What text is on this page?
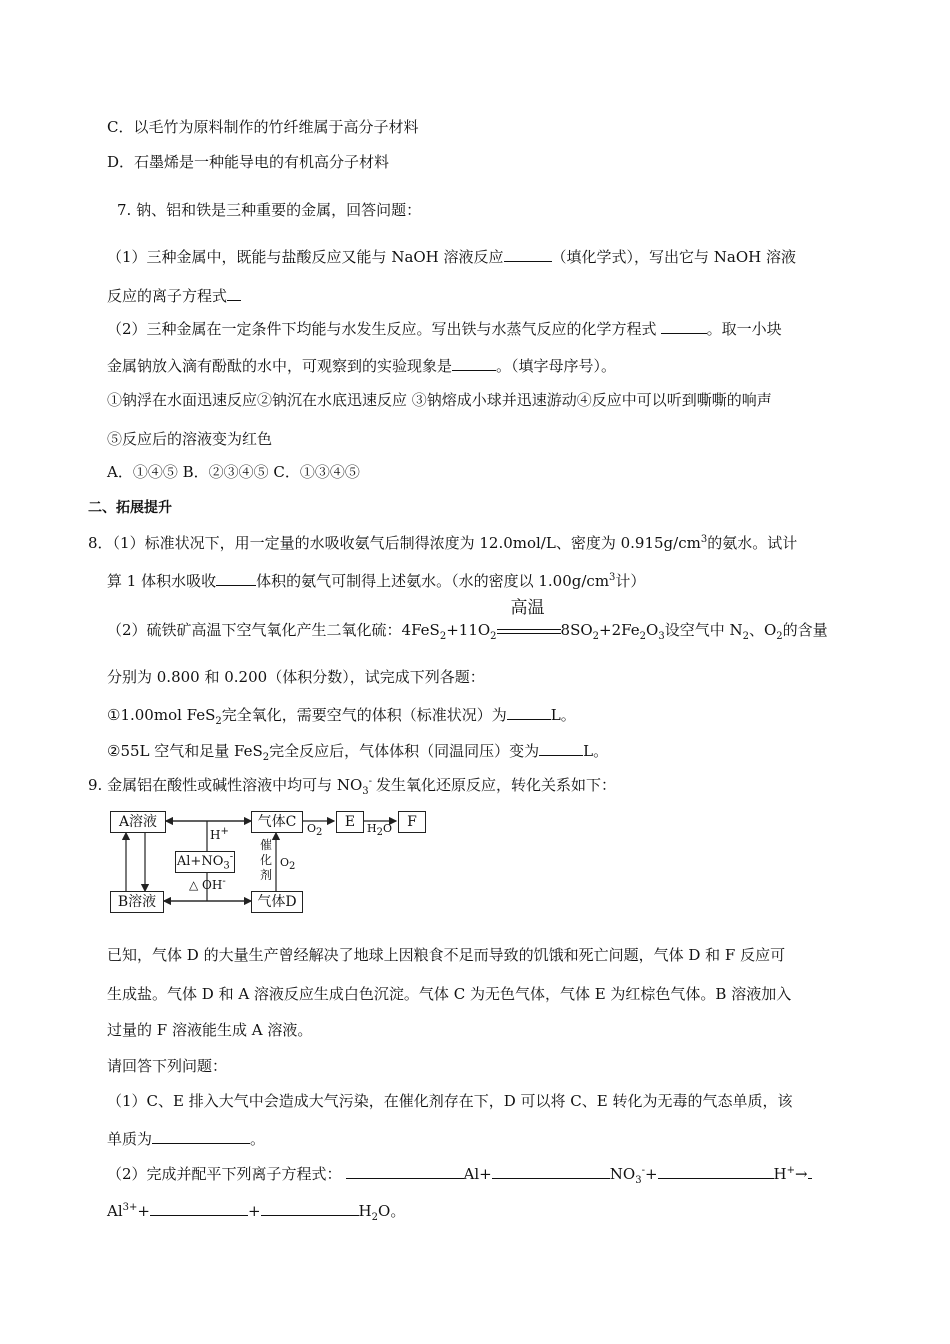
C．以毛竹为原料制作的竹纤维属于高分子材料
D．石墨烯是一种能导电的有机高分子材料
7. 钠、铝和铁是三种重要的金属，回答问题：
（1）三种金属中，既能与盐酸反应又能与 NaOH 溶液反应	（填化学式），写出它与 NaOH 溶液
反应的离子方程式
（2）三种金属在一定条件下均能与水发生反应。写出铁与水蒸气反应的化学方程式	。取一小块
金属钠放入滴有酚酞的水中，可观察到的实验现象是	。（填字母序号）。
①钠浮在水面迅速反应②钠沉在水底迅速反应 ③钠熔成小球并迅速游动④反应中可以听到嘶嘶的响声
⑤反应后的溶液变为红色
A．①④⑤ B．②③④⑤ C．①③④⑤
二、拓展提升
8．（1）标准状况下，用一定量的水吸收氨气后制得浓度为 12.0mol/L、密度为 $0.915g/cm^3$的氨水。试计
算 1 体积水吸收	体积的氨气可制得上述氨水。（水的密度以 $1.00g/cm^3$计）
（2）硫铁矿高温下空气氧化产生二氧化硫：$4FeS_2+11O_2$
高温
$8SO_2+2Fe_2O_3$设空气中 $N_2$、$O_2$的含量
分别为 0.800 和 0.200（体积分数），试完成下列各题：
①1.00mol FeS$_2$完全氧化，需要空气的体积（标准状况）为	L。
②55L 空气和足量 FeS$_2$完全反应后，气体体积（同温同压）变为	L。
9. 金属铝在酸性或碱性溶液中均可与 $NO_3^-$ 发生氧化还原反应，转化关系如下：
A溶液	气体C	E	F
B溶液	气体D
$Al+NO_3^-$
H+
△ OH-
$O_2$	$H_2O$
$O_2$
催
化
剂
已知，气体 D 的大量生产曾经解决了地球上因粮食不足而导致的饥饿和死亡问题，气体 D 和 F 反应可
生成盐。气体 D 和 A 溶液反应生成白色沉淀。气体 C 为无色气体，气体 E 为红棕色气体。B 溶液加入
过量的 F 溶液能生成 A 溶液。
请回答下列问题：
（1）C、E 排入大气中会造成大气污染，在催化剂存在下，D 可以将 C、E 转化为无毒的气态单质，该
单质为	。
（2）完成并配平下列离子方程式：	Al+	$NO_3^-+$	H+→
$Al^{3+}+$	+	$H_2O$。
